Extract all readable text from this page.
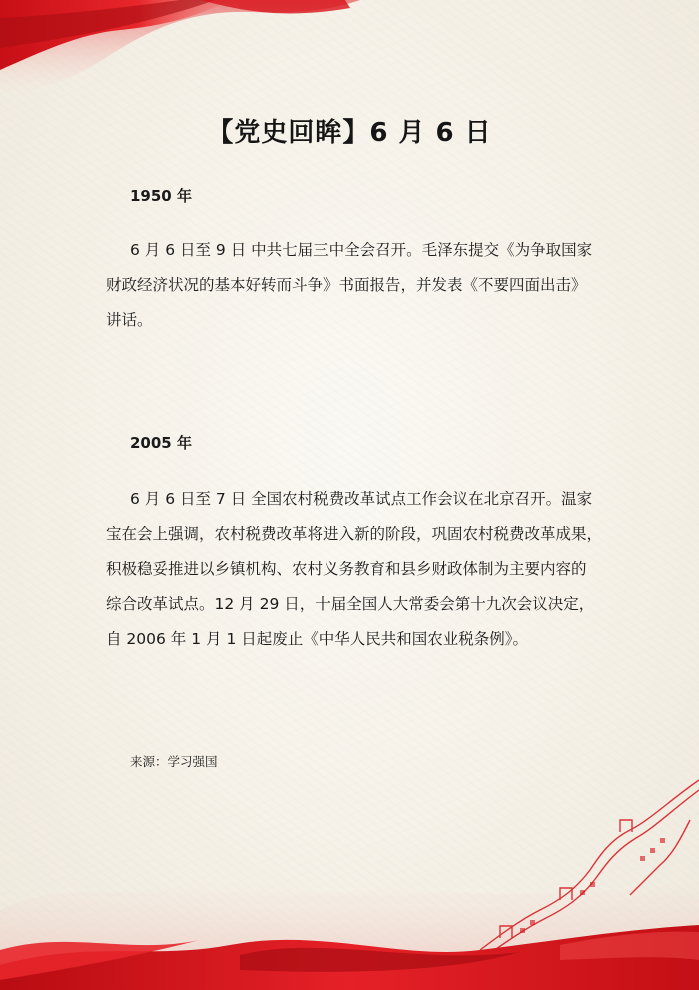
【党史回眸】6 月 6 日
1950 年

6 月 6 日至 9 日 中共七届三中全会召开。毛泽东提交《为争取国家
财政经济状况的基本好转而斗争》书面报告，并发表《不要四面出击》
讲话。

2005 年

6 月 6 日至 7 日 全国农村税费改革试点工作会议在北京召开。温家
宝在会上强调，农村税费改革将进入新的阶段，巩固农村税费改革成果，
积极稳妥推进以乡镇机构、农村义务教育和县乡财政体制为主要内容的
综合改革试点。12 月 29 日，十届全国人大常委会第十九次会议决定，
自 2006 年 1 月 1 日起废止《中华人民共和国农业税条例》。

来源：学习强国
